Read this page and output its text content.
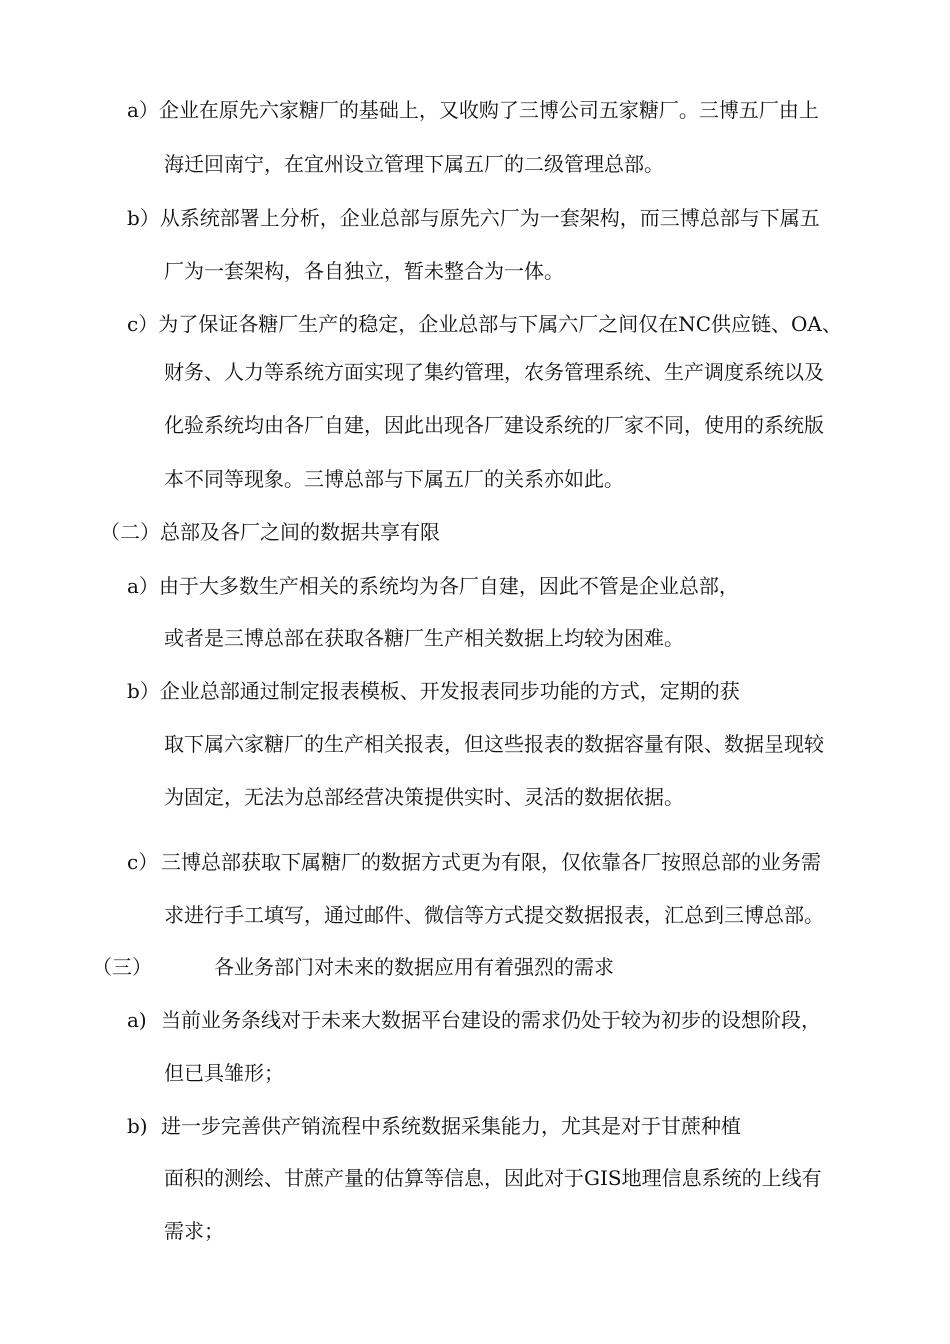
a）企业在原先六家糖厂的基础上，又收购了三博公司五家糖厂。三博五厂由上
海迁回南宁，在宜州设立管理下属五厂的二级管理总部。
b）从系统部署上分析，企业总部与原先六厂为一套架构，而三博总部与下属五
厂为一套架构，各自独立，暂未整合为一体。
c）为了保证各糖厂生产的稳定，企业总部与下属六厂之间仅在NC供应链、OA、
财务、人力等系统方面实现了集约管理，农务管理系统、生产调度系统以及
化验系统均由各厂自建，因此出现各厂建设系统的厂家不同，使用的系统版
本不同等现象。三博总部与下属五厂的关系亦如此。
（二）总部及各厂之间的数据共享有限
a）由于大多数生产相关的系统均为各厂自建，因此不管是企业总部，
或者是三博总部在获取各糖厂生产相关数据上均较为困难。
b）企业总部通过制定报表模板、开发报表同步功能的方式，定期的获
取下属六家糖厂的生产相关报表，但这些报表的数据容量有限、数据呈现较
为固定，无法为总部经营决策提供实时、灵活的数据依据。
c） 三博总部获取下属糖厂的数据方式更为有限，仅依靠各厂按照总部的业务需
求进行手工填写，通过邮件、微信等方式提交数据报表，汇总到三博总部。
（三）	各业务部门对未来的数据应用有着强烈的需求
a) 当前业务条线对于未来大数据平台建设的需求仍处于较为初步的设想阶段，
但已具雏形；
b) 进一步完善供产销流程中系统数据采集能力，尤其是对于甘蔗种植
面积的测绘、甘蔗产量的估算等信息，因此对于GIS地理信息系统的上线有
需求；
